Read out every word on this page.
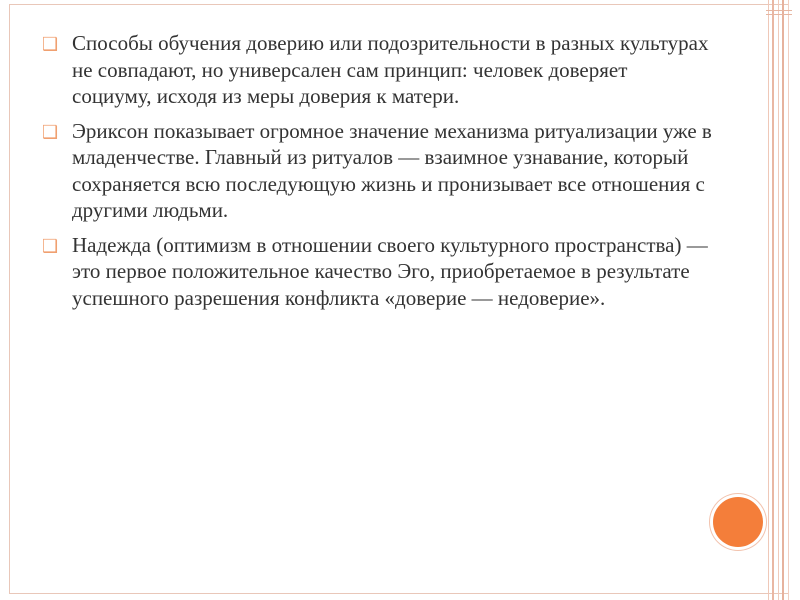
❑ Способы обучения доверию или подозрительности в разных культурах не совпадают, но универсален сам принцип: человек доверяет социуму, исходя из меры доверия к матери.
❑ Эриксон показывает огромное значение механизма ритуализации уже в младенчестве. Главный из ритуалов — взаимное узнавание, который сохраняется всю последующую жизнь и пронизывает все отношения с другими людьми.
❑ Надежда (оптимизм в отношении своего культурного пространства) — это первое положительное качество Эго, приобретаемое в результате успешного разрешения конфликта «доверие — недоверие».
